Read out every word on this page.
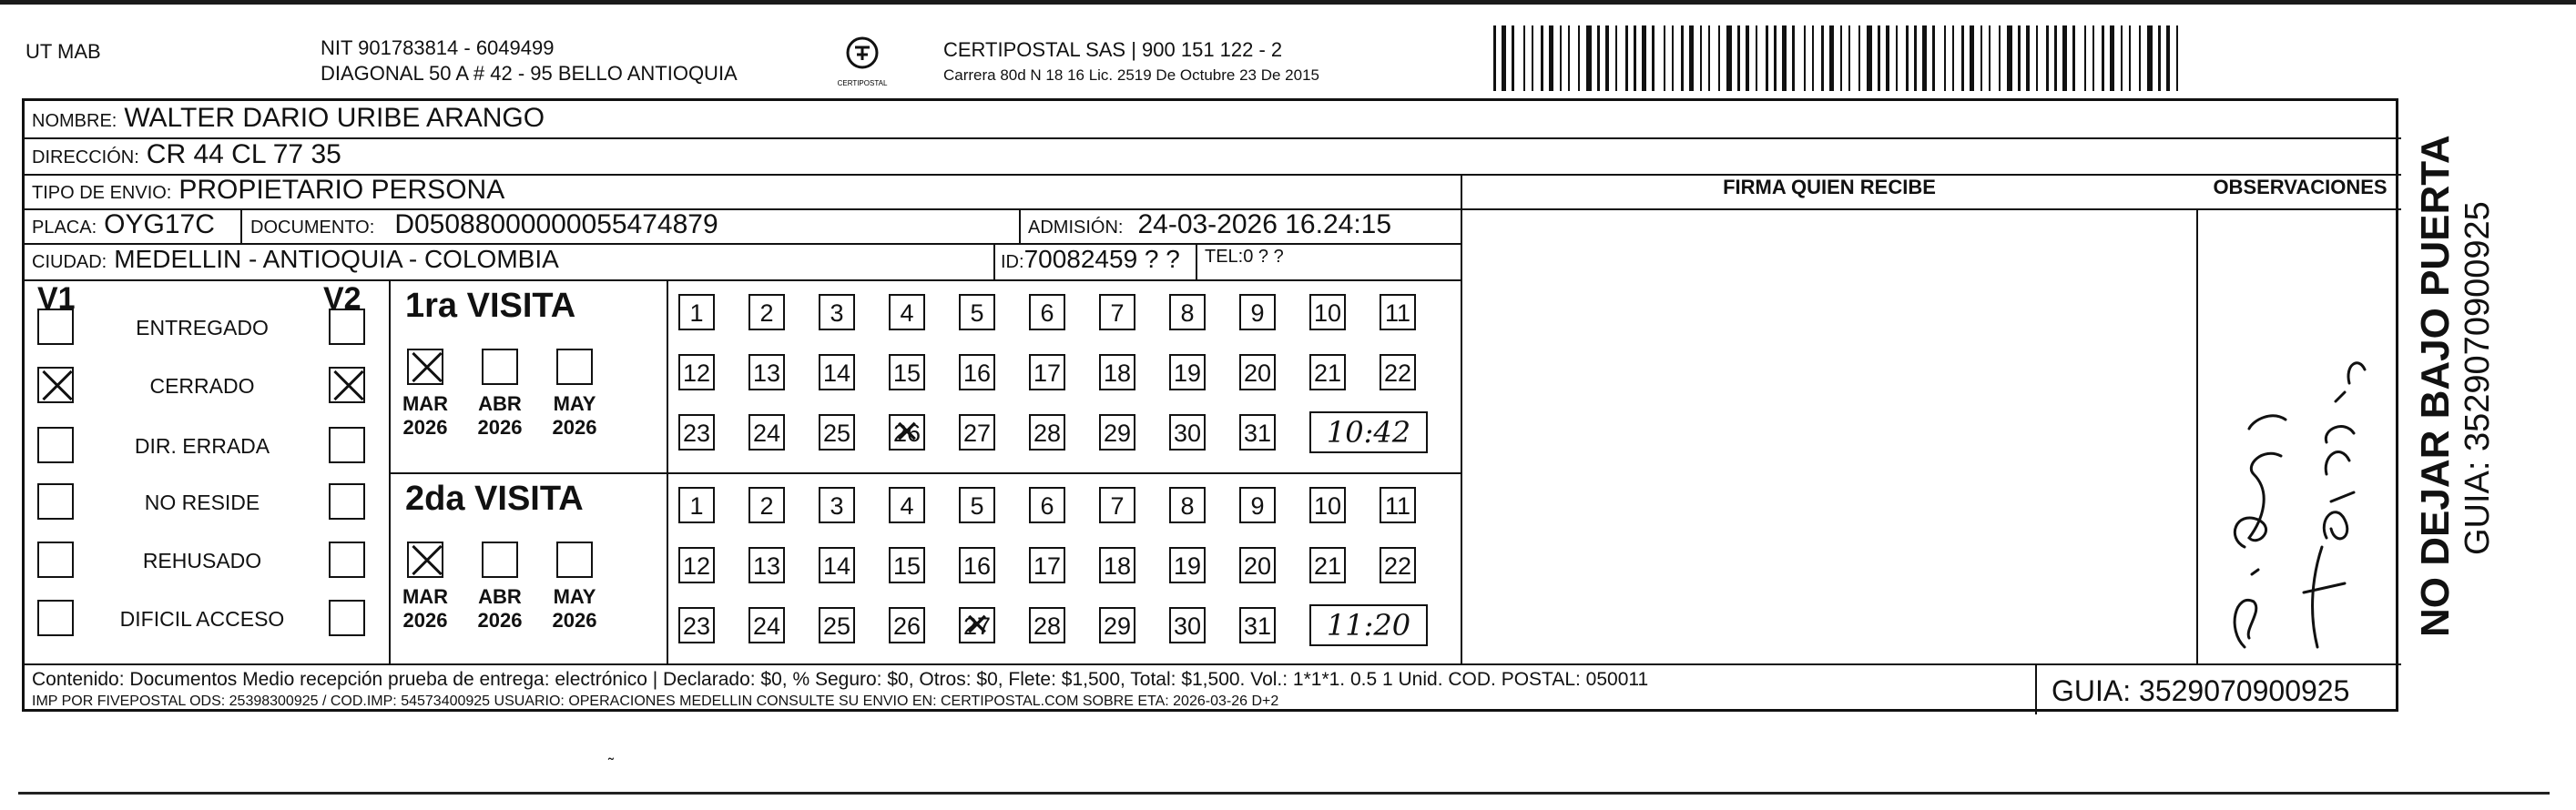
UT MAB	NIT 901783814 - 6049499
DIAGONAL 50 A # 42 - 95 BELLO ANTIOQUIA	CERTIPOSTAL
CERTIPOSTAL SAS | 900 151 122 - 2
Carrera 80d N 18 16 Lic. 2519 De Octubre 23 De 2015
NOMBRE: WALTER DARIO URIBE ARANGO
DIRECCIÓN: CR 44 CL 77 35
TIPO DE ENVIO: PROPIETARIO PERSONA
PLACA: OYG17C DOCUMENTO: D05088000000055474879	ADMISIÓN: 24-03-2026 16.24:15
CIUDAD: MEDELLIN - ANTIOQUIA - COLOMBIA	ID: 70082459 ? ? TEL: 0 ? ?
FIRMA QUIEN RECIBE	OBSERVACIONES
V1	V2
ENTREGADO
CERRADO
DIR. ERRADA
NO RESIDE
REHUSADO
DIFICIL ACCESO
1ra VISITA
MAR
2026
ABR
2026
MAY
2026
1	2	3	4	5	6	7	8	9	10 11
12 13 14 15 16 17 18 19 20 21 22
23 24 25 26 ✕ 27 28 29 30 31	10:42
2da VISITA
MAR
2026
ABR
2026
MAY
2026
1	2	3	4	5	6	7	8	9	10 11
12 13 14 15 16 17 18 19 20 21 22
23 24 25 26 27 ✕ 28 29 30 31	11:20
Contenido: Documentos Medio recepción prueba de entrega: electrónico | Declarado: $0, % Seguro: $0, Otros: $0, Flete: $1,500, Total: $1,500. Vol.: 1*1*1. 0.5 1 Unid. COD. POSTAL: 050011
IMP POR FIVEPOSTAL ODS: 25398300925 / COD.IMP: 54573400925 USUARIO: OPERACIONES MEDELLIN CONSULTE SU ENVIO EN: CERTIPOSTAL.COM SOBRE ETA: 2026-03-26 D+2	GUIA: 3529070900925
NO DEJAR BAJO PUERTA GUIA: 3529070900925
˜
